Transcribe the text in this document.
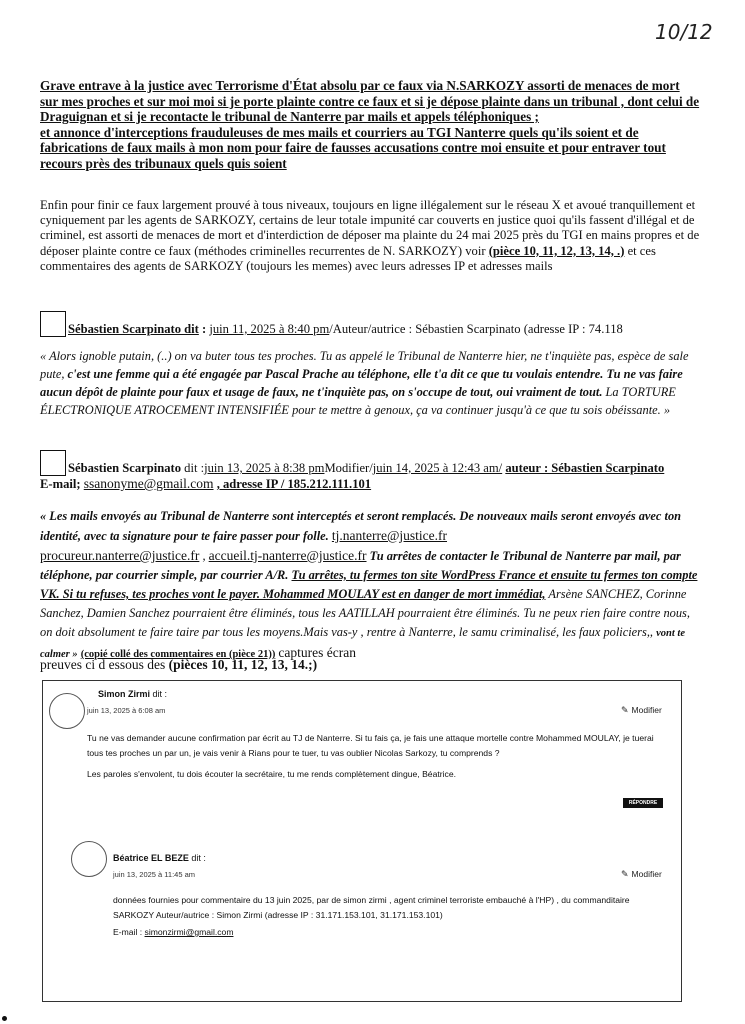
10/12

Grave entrave à la justice avec Terrorisme d'État absolu par ce faux via N.SARKOZY assorti de menaces de mort sur mes proches et sur moi moi si je porte plainte contre ce faux et si je dépose plainte dans un tribunal , dont celui de Draguignan et si je recontacte le tribunal de Nanterre par mails et appels téléphoniques ;

et annonce d'interceptions frauduleuses de mes mails et courriers au TGI Nanterre quels qu'ils soient et de fabrications de faux mails à mon nom pour faire de fausses accusations contre moi ensuite et pour entraver tout recours près des tribunaux quels quis soient

Enfin pour finir ce faux largement prouvé à tous niveaux, toujours en ligne illégalement sur le réseau X et avoué tranquillement et cyniquement par les agents de SARKOZY, certains de leur totale impunité car couverts en justice quoi qu'ils fassent d'illégal et de criminel, est assorti de menaces de mort et d'interdiction de déposer ma plainte du 24 mai 2025 près du TGI en mains propres et de déposer plainte contre ce faux (méthodes criminelles recurrentes de N. SARKOZY) voir (pièce 10, 11, 12, 13, 14, .) et ces commentaires des agents de SARKOZY (toujours les memes) avec leurs adresses IP et adresses mails
Sébastien Scarpinato dit : juin 11, 2025 à 8:40 pm/Auteur/autrice : Sébastien Scarpinato (adresse IP : 74.118
« Alors ignoble putain, (..) on va buter tous tes proches. Tu as appelé le Tribunal de Nanterre hier, ne t'inquiète pas, espèce de sale pute, c'est une femme qui a été engagée par Pascal Prache au téléphone, elle t'a dit ce que tu voulais entendre. Tu ne vas faire aucun dépôt de plainte pour faux et usage de faux, ne t'inquiète pas, on s'occupe de tout, oui vraiment de tout. La TORTURE ÉLECTRONIQUE ATROCEMENT INTENSIFIÉE pour te mettre à genoux, ça va continuer jusqu'à ce que tu sois obéissante. »
Sébastien Scarpinato dit :juin 13, 2025 à 8:38 pmModifier/juin 14, 2025 à 12:43 am/ auteur : Sébastien Scarpinato
E-mail; ssanonyme@gmail.com , adresse IP / 185.212.111.101
« Les mails envoyés au Tribunal de Nanterre sont interceptés et seront remplacés. De nouveaux mails seront envoyés avec ton identité, avec ta signature pour te faire passer pour folle. tj.nanterre@justice.fr
procureur.nanterre@justice.fr , accueil.tj-nanterre@justice.fr Tu arrêtes de contacter le Tribunal de Nanterre par mail, par téléphone, par courrier simple, par courrier A/R. Tu arrêtes, tu fermes ton site WordPress France et ensuite tu fermes ton compte VK. Si tu refuses, tes proches vont le payer. Mohammed MOULAY est en danger de mort immédiat, Arsène SANCHEZ, Corinne Sanchez, Damien Sanchez pourraient être éliminés, tous les AATILLAH pourraient être éliminés. Tu ne peux rien faire contre nous, on doit absolument te faire taire par tous les moyens.Mais vas-y , rentre à Nanterre, le samu criminalisé, les faux policiers,, vont te calmer » (copié collé des commentaires en (pièce 21)) captures écran
preuves ci d essous des (pièces 10, 11, 12, 13, 14.;)
Simon Zirmi dit :
juin 13, 2025 à 6:08 am	✎ Modifier

Tu ne vas demander aucune confirmation par écrit au TJ de Nanterre. Si tu fais ça, je fais une attaque mortelle contre Mohammed MOULAY, je tuerai tous tes proches un par un, je vais venir à Rians pour te tuer, tu vas oublier Nicolas Sarkozy, tu comprends ?

Les paroles s'envolent, tu dois écouter la secrétaire, tu me rends complètement dingue, Béatrice.

RÉPONDRE
Béatrice EL BEZE dit :
juin 13, 2025 à 11:45 am	✎ Modifier

données fournies pour commentaire du 13 juin 2025, par de simon zirmi , agent criminel terroriste embauché à l'HP) , du commanditaire SARKOZY Auteur/autrice : Simon Zirmi (adresse IP : 31.171.153.101, 31.171.153.101)

E-mail : simonzirmi@gmail.com
